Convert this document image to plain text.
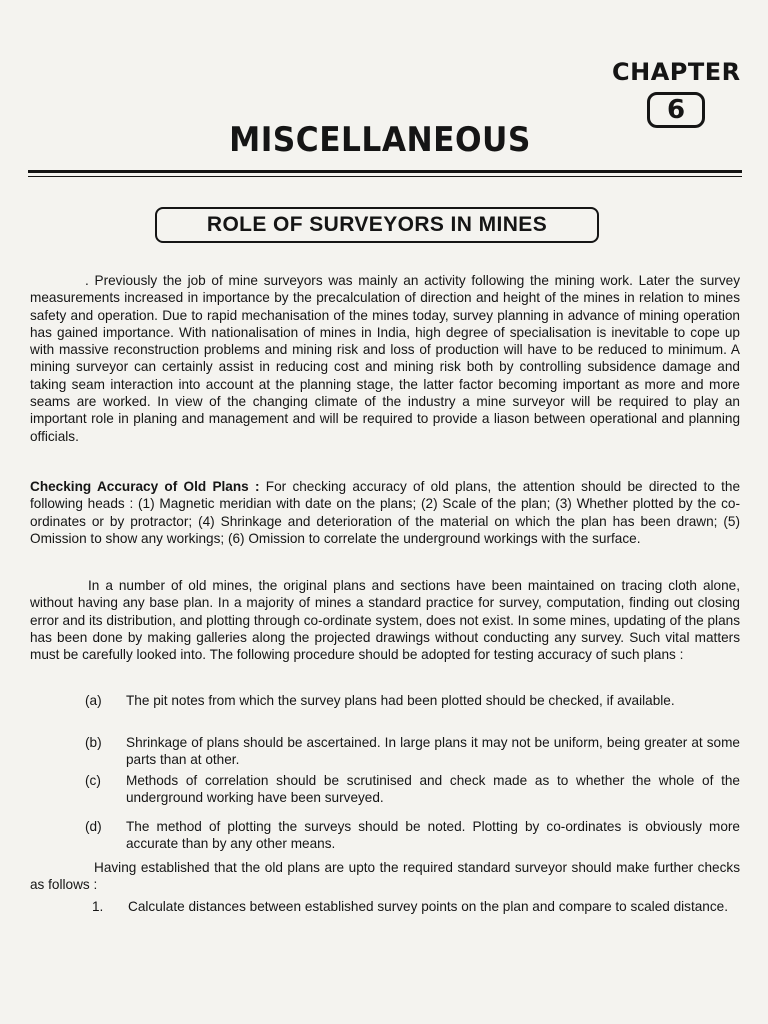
CHAPTER
6
MISCELLANEOUS
ROLE OF SURVEYORS IN MINES
. Previously the job of mine surveyors was mainly an activity following the mining work. Later the survey measurements increased in importance by the precalculation of direction and height of the mines in relation to mines safety and operation. Due to rapid mechanisation of the mines today, survey planning in advance of mining operation has gained importance. With nationalisation of mines in India, high degree of specialisation is inevitable to cope up with massive reconstruction problems and mining risk and loss of production will have to be reduced to minimum. A mining surveyor can certainly assist in reducing cost and mining risk both by controlling subsidence damage and taking seam interaction into account at the planning stage, the latter factor becoming important as more and more seams are worked. In view of the changing climate of the industry a mine surveyor will be required to play an important role in planing and management and will be required to provide a liason between operational and planning officials.
Checking Accuracy of Old Plans : For checking accuracy of old plans, the attention should be directed to the following heads : (1) Magnetic meridian with date on the plans; (2) Scale of the plan; (3) Whether plotted by the co-ordinates or by protractor; (4) Shrinkage and deterioration of the material on which the plan has been drawn; (5) Omission to show any workings; (6) Omission to correlate the underground workings with the surface.
In a number of old mines, the original plans and sections have been maintained on tracing cloth alone, without having any base plan. In a majority of mines a standard practice for survey, computation, finding out closing error and its distribution, and plotting through co-ordinate system, does not exist. In some mines, updating of the plans has been done by making galleries along the projected drawings without conducting any survey. Such vital matters must be carefully looked into. The following procedure should be adopted for testing accuracy of such plans :
(a)	The pit notes from which the survey plans had been plotted should be checked, if available.
(b)	Shrinkage of plans should be ascertained. In large plans it may not be uniform, being greater at some parts than at other.
(c)	Methods of correlation should be scrutinised and check made as to whether the whole of the underground working have been surveyed.
(d)	The method of plotting the surveys should be noted. Plotting by co-ordinates is obviously more accurate than by any other means.
Having established that the old plans are upto the required standard surveyor should make further checks as follows :
1. Calculate distances between established survey points on the plan and compare to scaled distance.
